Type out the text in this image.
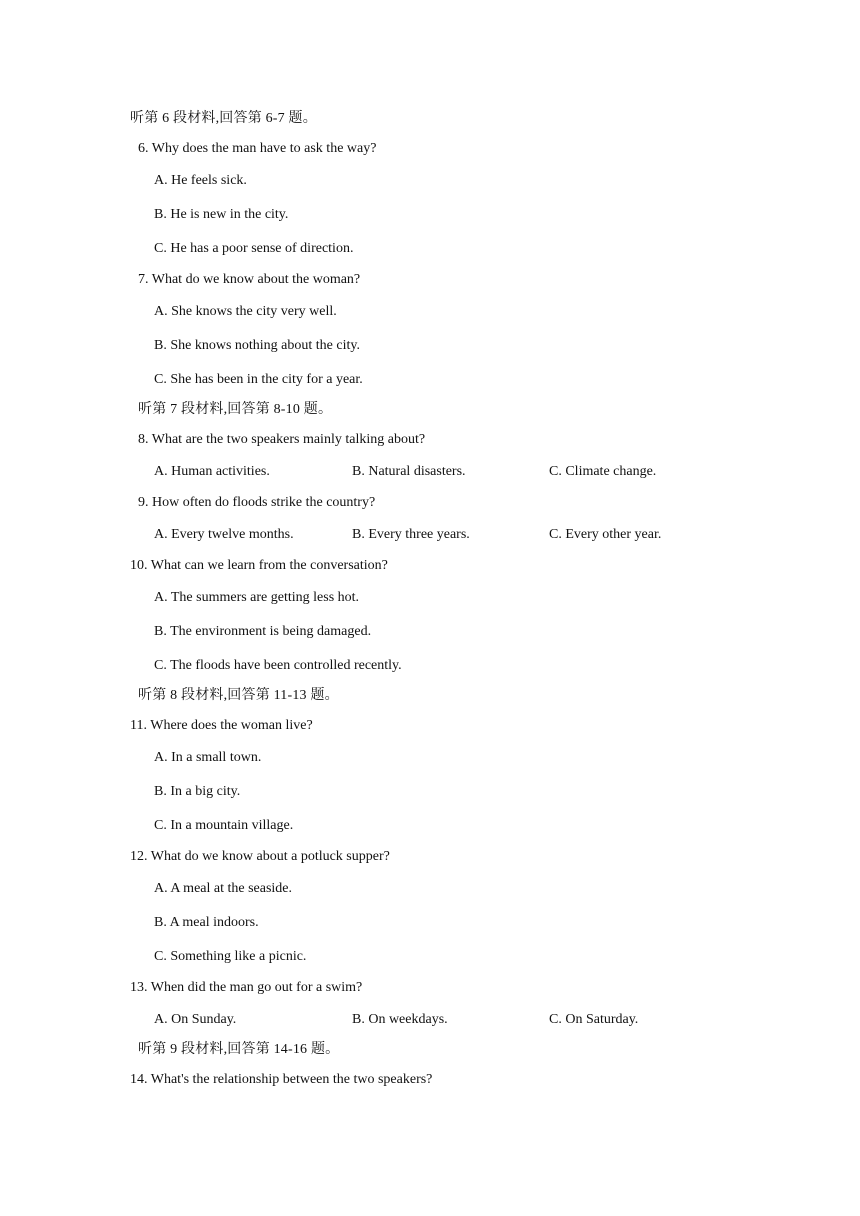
听第 6 段材料,回答第 6-7 题。
6. Why does the man have to ask the way?
A. He feels sick.
B. He is new in the city.
C. He has a poor sense of direction.
7. What do we know about the woman?
A. She knows the city very well.
B. She knows nothing about the city.
C. She has been in the city for a year.
听第 7 段材料,回答第 8-10 题。
8. What are the two speakers mainly talking about?
A. Human activities.	B. Natural disasters.	C. Climate change.
9. How often do floods strike the country?
A. Every twelve months.	B. Every three years.	C. Every other year.
10. What can we learn from the conversation?
A. The summers are getting less hot.
B. The environment is being damaged.
C. The floods have been controlled recently.
听第 8 段材料,回答第 11-13 题。
11. Where does the woman live?
A. In a small town.
B. In a big city.
C. In a mountain village.
12. What do we know about a potluck supper?
A. A meal at the seaside.
B. A meal indoors.
C. Something like a picnic.
13. When did the man go out for a swim?
A. On Sunday.	B. On weekdays.	C. On Saturday.
听第 9 段材料,回答第 14-16 题。
14. What's the relationship between the two speakers?
